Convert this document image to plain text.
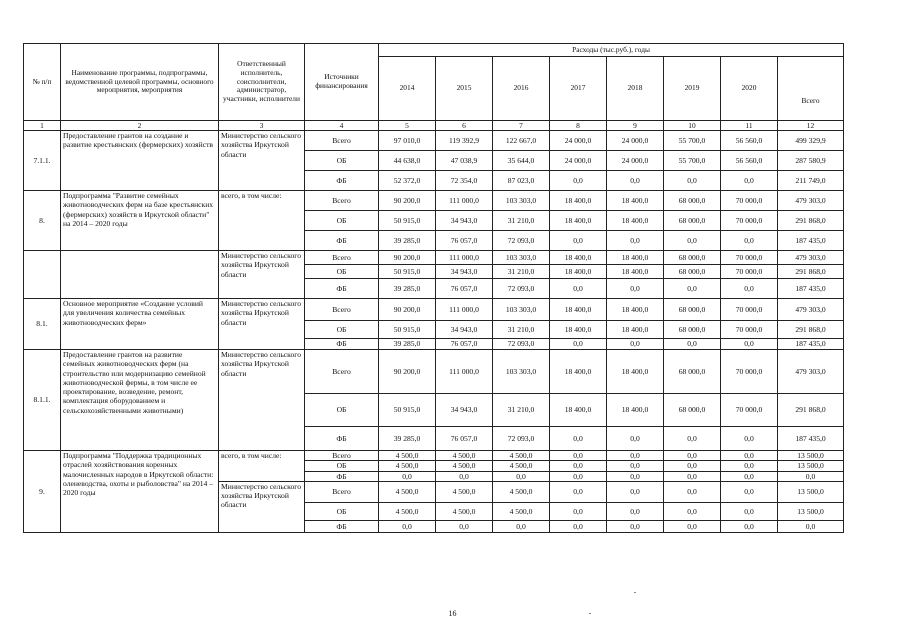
№ п/п	Наименование программы, подпрограммы, ведомственной целевой программы, основного мероприятия, мероприятия	Ответственный исполнитель, соисполнители, администратор, участники, исполнители	Источники финансирования	Расходы (тыс.руб.), годы							
				2014	2015	2016	2017	2018	2019	2020	Всего
1	2	3	4	5	6	7	8	9	10	11	12
7.1.1.	Предоставление грантов на создание и развитие крестьянских (фермерских) хозяйств	Министерство сельского хозяйства Иркутской области	Всего	97 010,0	119 392,9	122 667,0	24 000,0	24 000,0	55 700,0	56 560,0	499 329,9
			ОБ	44 638,0	47 038,9	35 644,0	24 000,0	24 000,0	55 700,0	56 560,0	287 580,9
			ФБ	52 372,0	72 354,0	87 023,0	0,0	0,0	0,0	0,0	211 749,0
8.	Подпрограмма "Развитие семейных животноводческих ферм на базе крестьянских (фермерских) хозяйств в Иркутской области" на 2014 – 2020 годы	всего, в том числе:	Всего	90 200,0	111 000,0	103 303,0	18 400,0	18 400,0	68 000,0	70 000,0	479 303,0
			ОБ	50 915,0	34 943,0	31 210,0	18 400,0	18 400,0	68 000,0	70 000,0	291 868,0
			ФБ	39 285,0	76 057,0	72 093,0	0,0	0,0	0,0	0,0	187 435,0
		Министерство сельского хозяйства Иркутской области	Всего	90 200,0	111 000,0	103 303,0	18 400,0	18 400,0	68 000,0	70 000,0	479 303,0
			ОБ	50 915,0	34 943,0	31 210,0	18 400,0	18 400,0	68 000,0	70 000,0	291 868,0
			ФБ	39 285,0	76 057,0	72 093,0	0,0	0,0	0,0	0,0	187 435,0
8.1.	Основное мероприятие «Создание условий для увеличения количества семейных животноводческих ферм»	Министерство сельского хозяйства Иркутской области	Всего	90 200,0	111 000,0	103 303,0	18 400,0	18 400,0	68 000,0	70 000,0	479 303,0
			ОБ	50 915,0	34 943,0	31 210,0	18 400,0	18 400,0	68 000,0	70 000,0	291 868,0
			ФБ	39 285,0	76 057,0	72 093,0	0,0	0,0	0,0	0,0	187 435,0
8.1.1.	Предоставление грантов на развитие семейных животноводческих ферм (на строительство или модернизацию семейной животноводческой фермы, в том числе ее проектирование, возведение, ремонт, комплектация оборудованием и сельскохозяйственными животными)	Министерство сельского хозяйства Иркутской области	Всего	90 200,0	111 000,0	103 303,0	18 400,0	18 400,0	68 000,0	70 000,0	479 303,0
			ОБ	50 915,0	34 943,0	31 210,0	18 400,0	18 400,0	68 000,0	70 000,0	291 868,0
			ФБ	39 285,0	76 057,0	72 093,0	0,0	0,0	0,0	0,0	187 435,0
9.	Подпрограмма "Поддержка традиционных отраслей хозяйствования коренных малочисленных народов в Иркутской области: оленеводства, охоты и рыболовства" на 2014 – 2020 годы	всего, в том числе:	Всего	4 500,0	4 500,0	4 500,0	0,0	0,0	0,0	0,0	13 500,0
			ОБ	4 500,0	4 500,0	4 500,0	0,0	0,0	0,0	0,0	13 500,0
			ФБ	0,0	0,0	0,0	0,0	0,0	0,0	0,0	0,0
		Министерство сельского хозяйства Иркутской области	Всего	4 500,0	4 500,0	4 500,0	0,0	0,0	0,0	0,0	13 500,0
			ОБ	4 500,0	4 500,0	4 500,0	0,0	0,0	0,0	0,0	13 500,0
			ФБ	0,0	0,0	0,0	0,0	0,0	0,0	0,0	0,0
16
